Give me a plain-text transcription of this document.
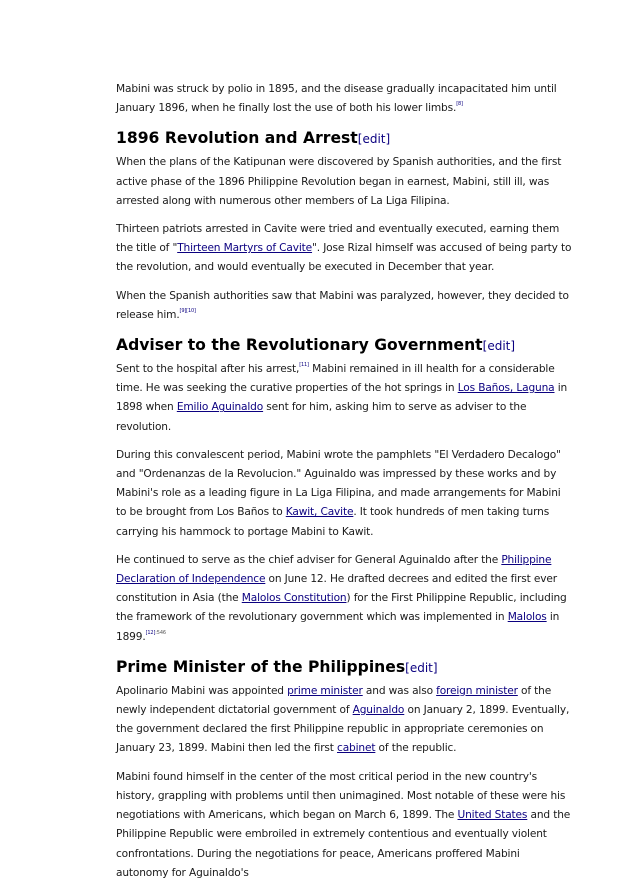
Mabini was struck by polio in 1895, and the disease gradually incapacitated him until January 1896, when he finally lost the use of both his lower limbs.[8]

1896 Revolution and Arrest[edit]

When the plans of the Katipunan were discovered by Spanish authorities, and the first active phase of the 1896 Philippine Revolution began in earnest, Mabini, still ill, was arrested along with numerous other members of La Liga Filipina.

Thirteen patriots arrested in Cavite were tried and eventually executed, earning them the title of "Thirteen Martyrs of Cavite". Jose Rizal himself was accused of being party to the revolution, and would eventually be executed in December that year.

When the Spanish authorities saw that Mabini was paralyzed, however, they decided to release him.[9][10]

Adviser to the Revolutionary Government[edit]

Sent to the hospital after his arrest,[11] Mabini remained in ill health for a considerable time. He was seeking the curative properties of the hot springs in Los Baños, Laguna in 1898 when Emilio Aguinaldo sent for him, asking him to serve as adviser to the revolution.

During this convalescent period, Mabini wrote the pamphlets "El Verdadero Decalogo" and "Ordenanzas de la Revolucion." Aguinaldo was impressed by these works and by Mabini's role as a leading figure in La Liga Filipina, and made arrangements for Mabini to be brought from Los Baños to Kawit, Cavite. It took hundreds of men taking turns carrying his hammock to portage Mabini to Kawit.

He continued to serve as the chief adviser for General Aguinaldo after the Philippine Declaration of Independence on June 12. He drafted decrees and edited the first ever constitution in Asia (the Malolos Constitution) for the First Philippine Republic, including the framework of the revolutionary government which was implemented in Malolos in 1899.$^{[12]:546}$

Prime Minister of the Philippines[edit]

Apolinario Mabini was appointed prime minister and was also foreign minister of the newly independent dictatorial government of Aguinaldo on January 2, 1899. Eventually, the government declared the first Philippine republic in appropriate ceremonies on January 23, 1899. Mabini then led the first cabinet of the republic.

Mabini found himself in the center of the most critical period in the new country's history, grappling with problems until then unimagined. Most notable of these were his negotiations with Americans, which began on March 6, 1899. The United States and the Philippine Republic were embroiled in extremely contentious and eventually violent confrontations. During the negotiations for peace, Americans proffered Mabini autonomy for Aguinaldo's
